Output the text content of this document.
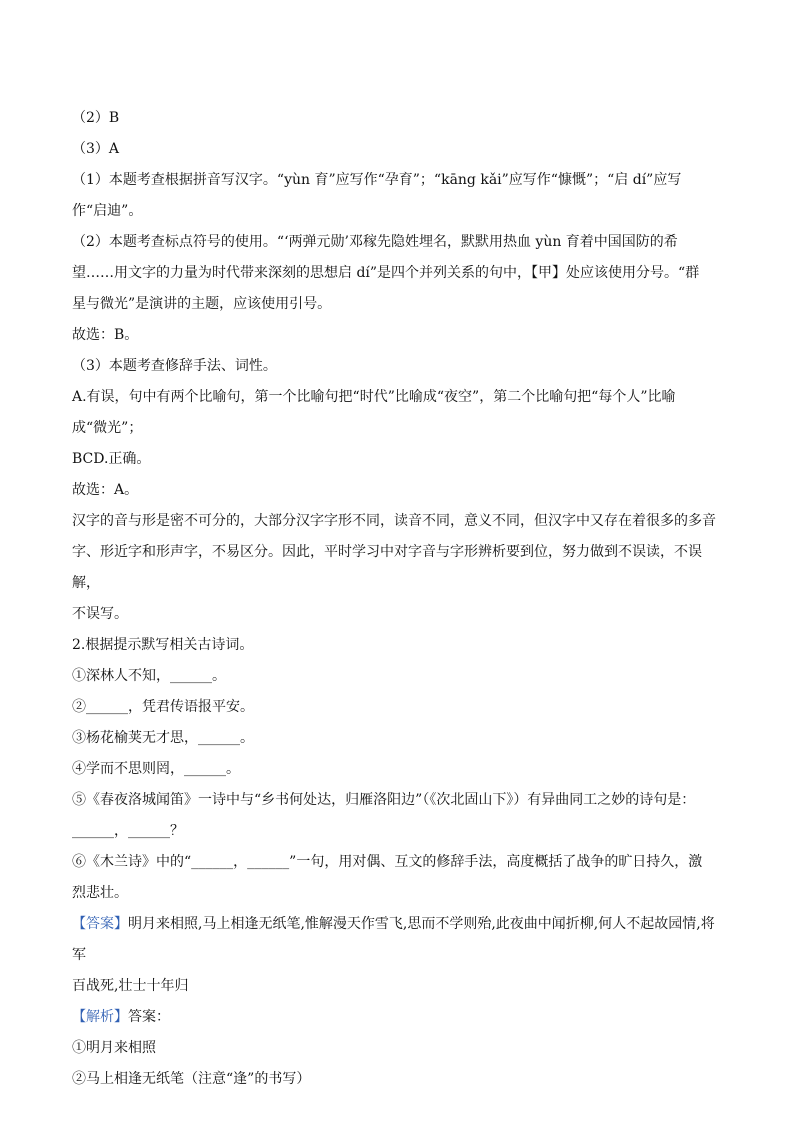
（2）B

（3）A

（1）本题考查根据拼音写汉字。“yùn 育”应写作“孕育”；“kāng kǎi”应写作“慷慨”；“启 dí”应写

作“启迪”。

（2）本题考查标点符号的使用。“‘两弹元勋’邓稼先隐姓埋名，默默用热血 yùn 育着中国国防的希

望……用文字的力量为时代带来深刻的思想启 dí”是四个并列关系的句中，【甲】处应该使用分号。“群

星与微光”是演讲的主题，应该使用引号。

故选：B。

（3）本题考查修辞手法、词性。

A.有误，句中有两个比喻句，第一个比喻句把“时代”比喻成“夜空”，第二个比喻句把“每个人”比喻

成“微光”；

BCD.正确。

故选：A。

汉字的音与形是密不可分的，大部分汉字字形不同，读音不同，意义不同，但汉字中又存在着很多的多音

字、形近字和形声字，不易区分。因此，平时学习中对字音与字形辨析要到位，努力做到不误读，不误解，

不误写。

2.根据提示默写相关古诗词。

①深林人不知，______。

②______，凭君传语报平安。

③杨花榆荚无才思，______。

④学而不思则罔，______。

⑤《春夜洛城闻笛》一诗中与“乡书何处达，归雁洛阳边”（《次北固山下》）有异曲同工之妙的诗句是：

______，______？

⑥《木兰诗》中的“______，______”一句，用对偶、互文的修辞手法，高度概括了战争的旷日持久，激

烈悲壮。

【答案】明月来相照,马上相逢无纸笔,惟解漫天作雪飞,思而不学则殆,此夜曲中闻折柳,何人不起故园情,将军

百战死,壮士十年归

【解析】答案：

①明月来相照

②马上相逢无纸笔（注意“逢”的书写）
